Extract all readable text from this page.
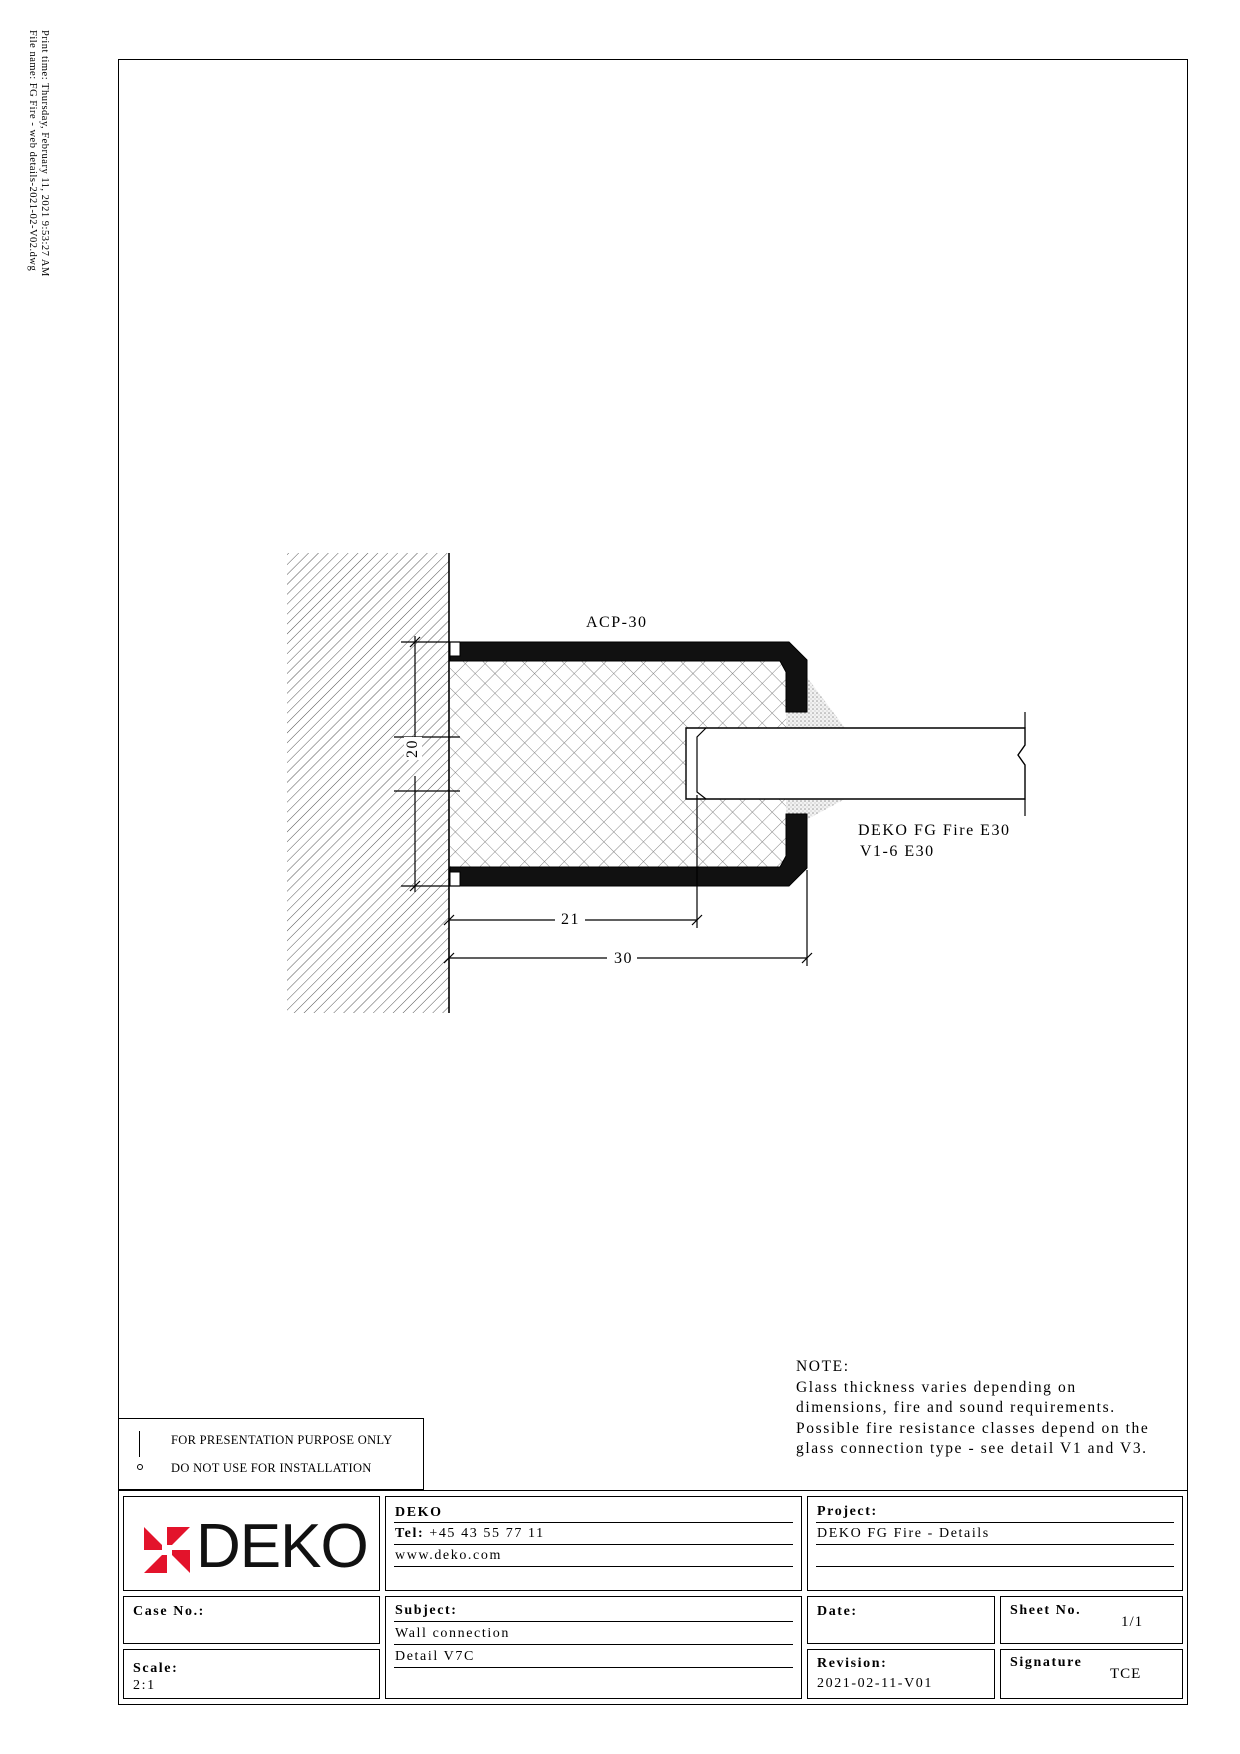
Print time: Thursday, February 11, 2021 9:53:27 AM
File name: FG Fire - web details-2021-02-V02.dwg
ACP-30
DEKO FG Fire E30
V1-6 E30
20
21
30
NOTE:
Glass thickness varies depending on
dimensions, fire and sound requirements.
Possible fire resistance classes depend on the
glass connection type - see detail V1 and V3.
FOR PRESENTATION PURPOSE ONLY
DO NOT USE FOR INSTALLATION
DEKO DEKO
Tel: +45 43 55 77 11
www.deko.com
Project:
DEKO FG Fire - Details
Case No.:
Scale:
2:1
Subject:
Wall connection
Detail V7C
Date:	Sheet No.
1/1
Revision:
2021-02-11-V01
Signature
TCE
